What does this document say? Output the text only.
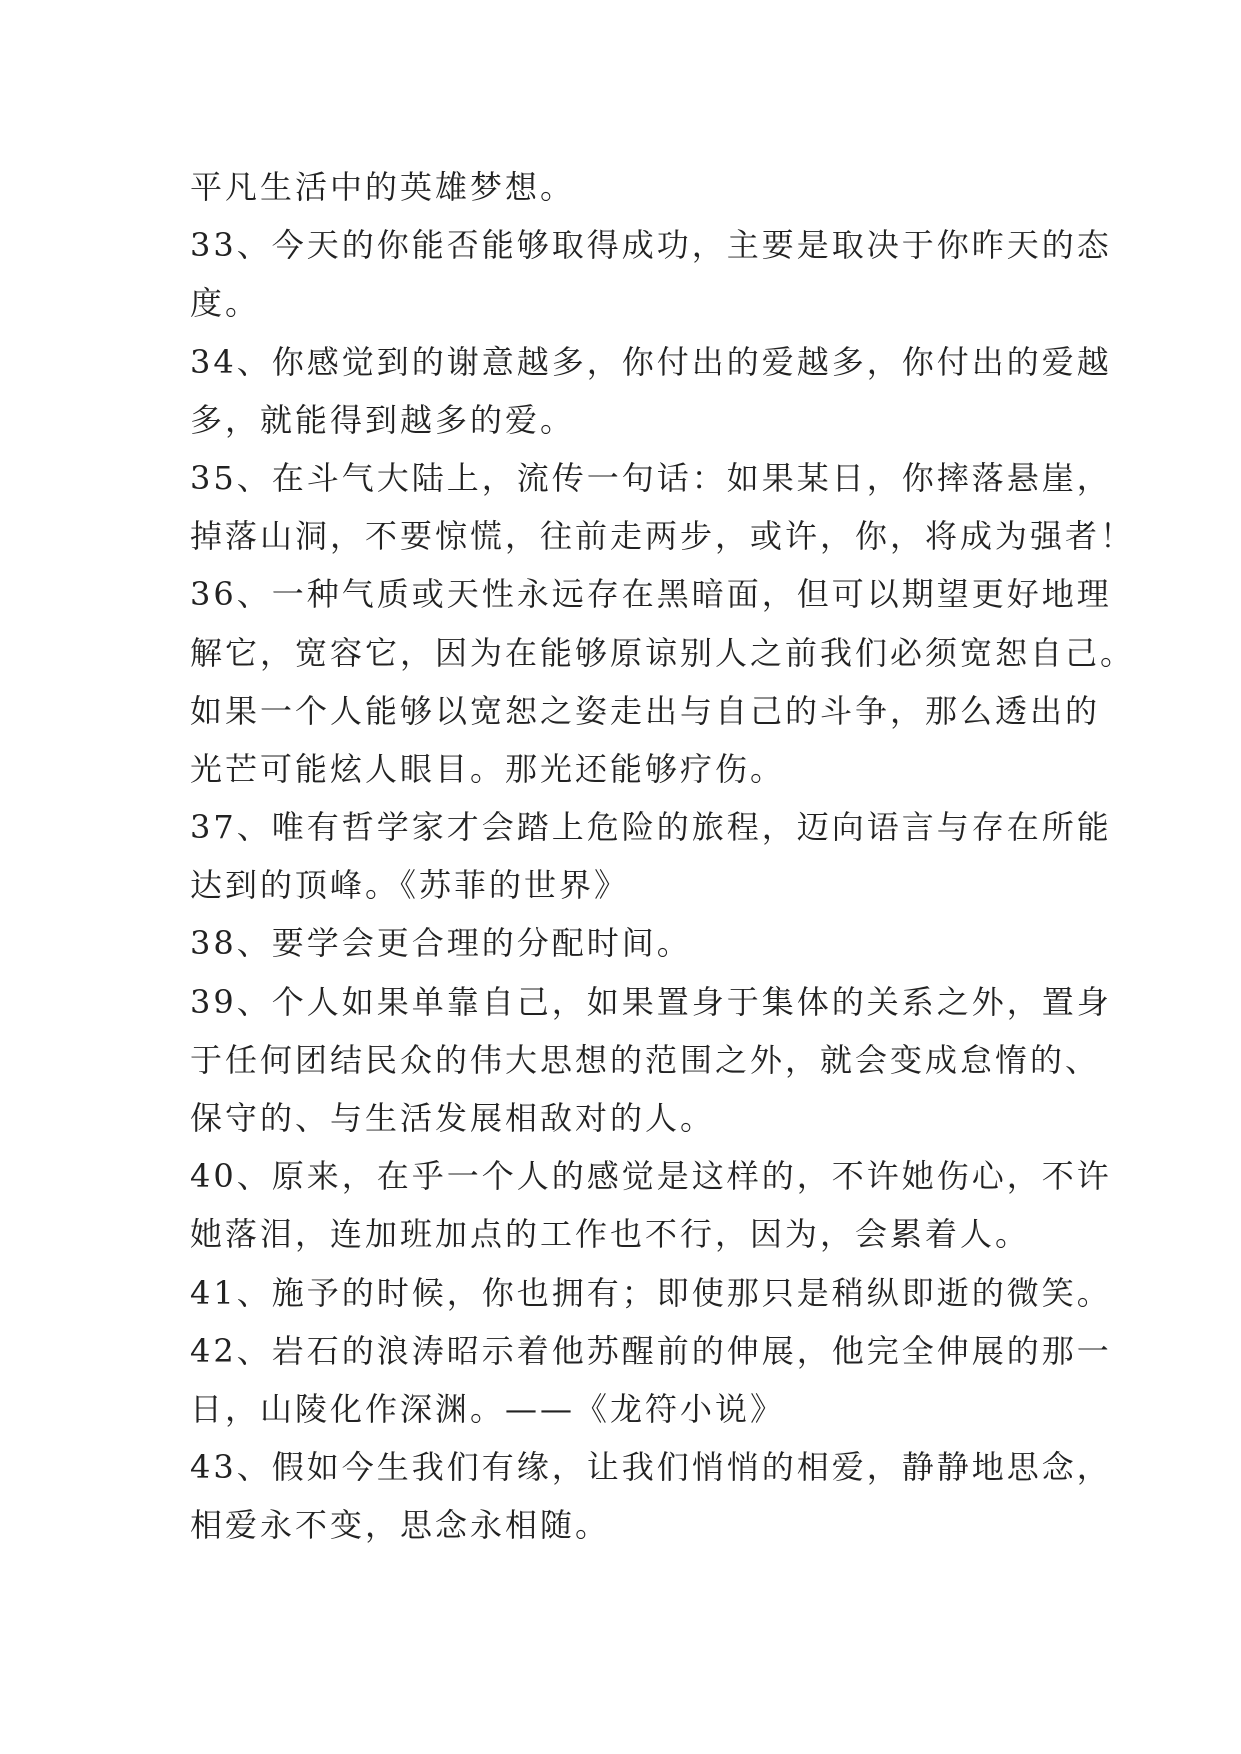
平凡生活中的英雄梦想。
33、今天的你能否能够取得成功，主要是取决于你昨天的态
度。
34、你感觉到的谢意越多，你付出的爱越多，你付出的爱越
多，就能得到越多的爱。
35、在斗气大陆上，流传一句话：如果某日，你摔落悬崖，
掉落山洞，不要惊慌，往前走两步，或许，你，将成为强者！
36、一种气质或天性永远存在黑暗面，但可以期望更好地理
解它，宽容它，因为在能够原谅别人之前我们必须宽恕自己。
如果一个人能够以宽恕之姿走出与自己的斗争，那么透出的
光芒可能炫人眼目。那光还能够疗伤。
37、唯有哲学家才会踏上危险的旅程，迈向语言与存在所能
达到的顶峰。《苏菲的世界》
38、要学会更合理的分配时间。
39、个人如果单靠自己，如果置身于集体的关系之外，置身
于任何团结民众的伟大思想的范围之外，就会变成怠惰的、
保守的、与生活发展相敌对的人。
40、原来，在乎一个人的感觉是这样的，不许她伤心，不许
她落泪，连加班加点的工作也不行，因为，会累着人。
41、施予的时候，你也拥有；即使那只是稍纵即逝的微笑。
42、岩石的浪涛昭示着他苏醒前的伸展，他完全伸展的那一
日，山陵化作深渊。——《龙符小说》
43、假如今生我们有缘，让我们悄悄的相爱，静静地思念，
相爱永不变，思念永相随。
